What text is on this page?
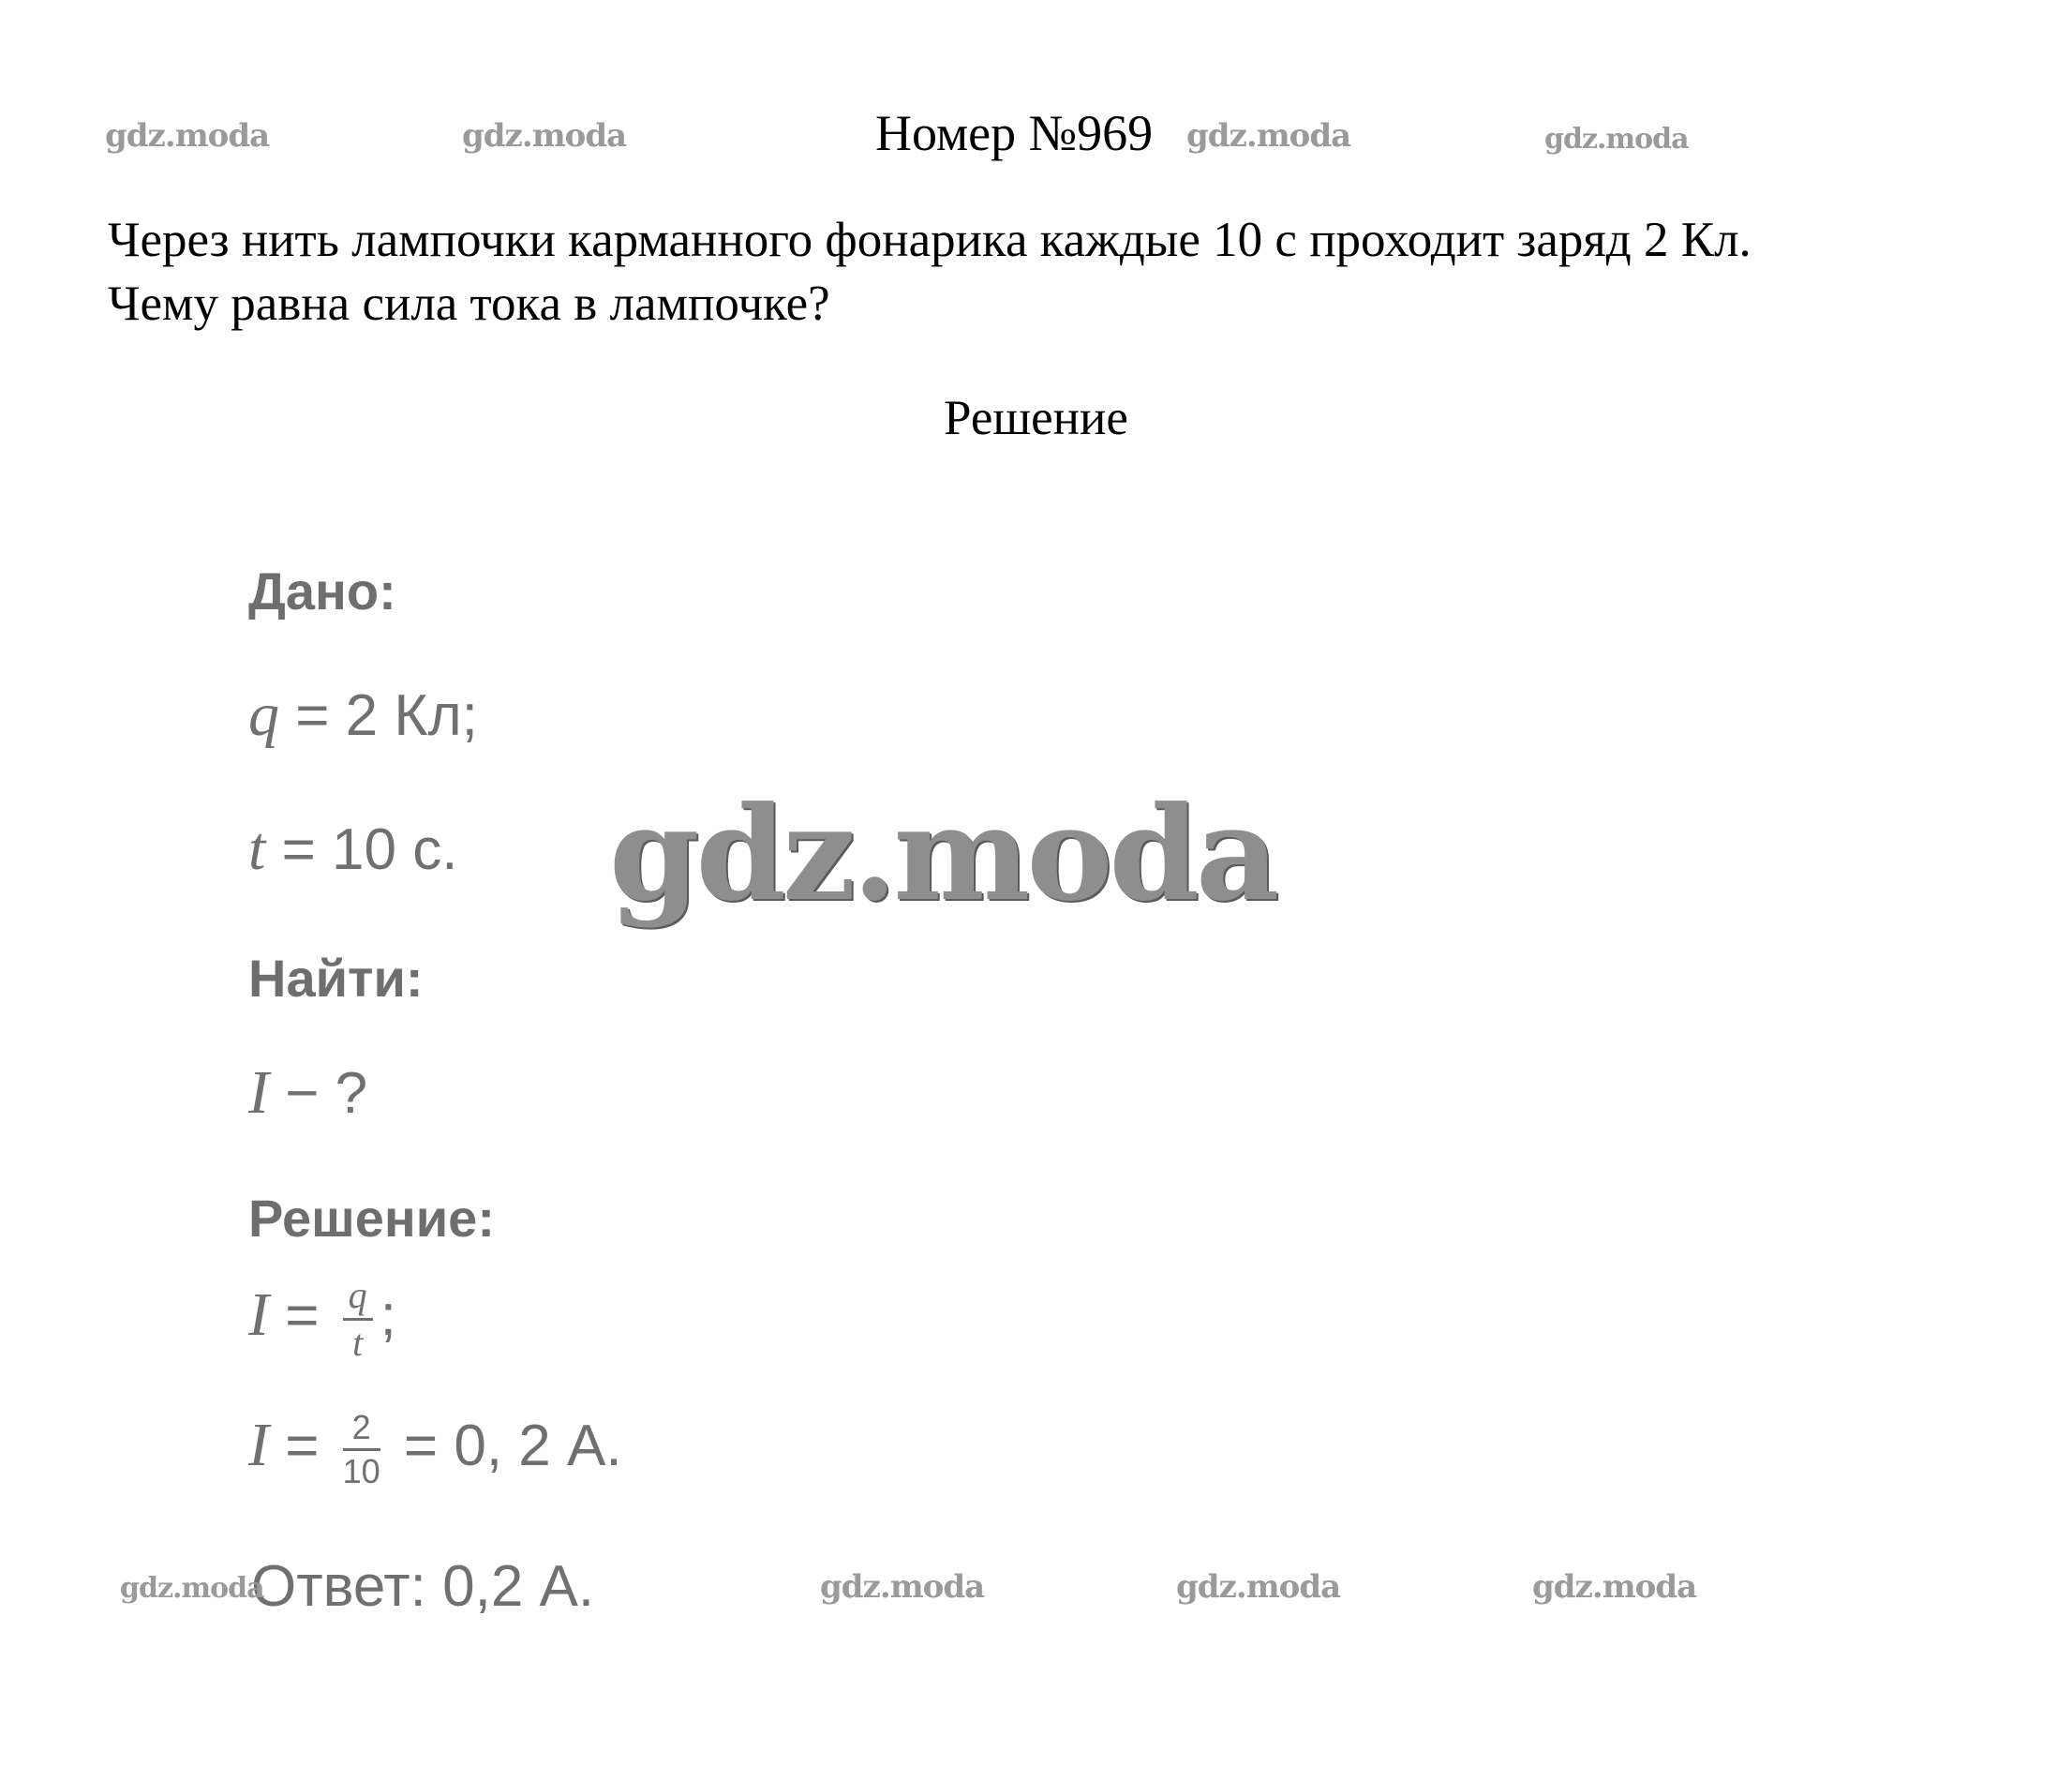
gdz.moda	gdz.moda	gdz.moda	gdz.moda
Номер №969
Через нить лампочки карманного фонарика каждые 10 с проходит заряд 2 Кл. Чему равна сила тока в лампочке?
Решение
Дано:
q = 2 Кл;
t = 10 с.
Найти:
I − ?
Решение:
$I = \frac{q}{t}$ ;
$I = \frac{2}{10} = 0$, 2 А.
Ответ: 0,2 А.
gdz.moda
gdz.moda	gdz.moda	gdz.moda	gdz.moda
